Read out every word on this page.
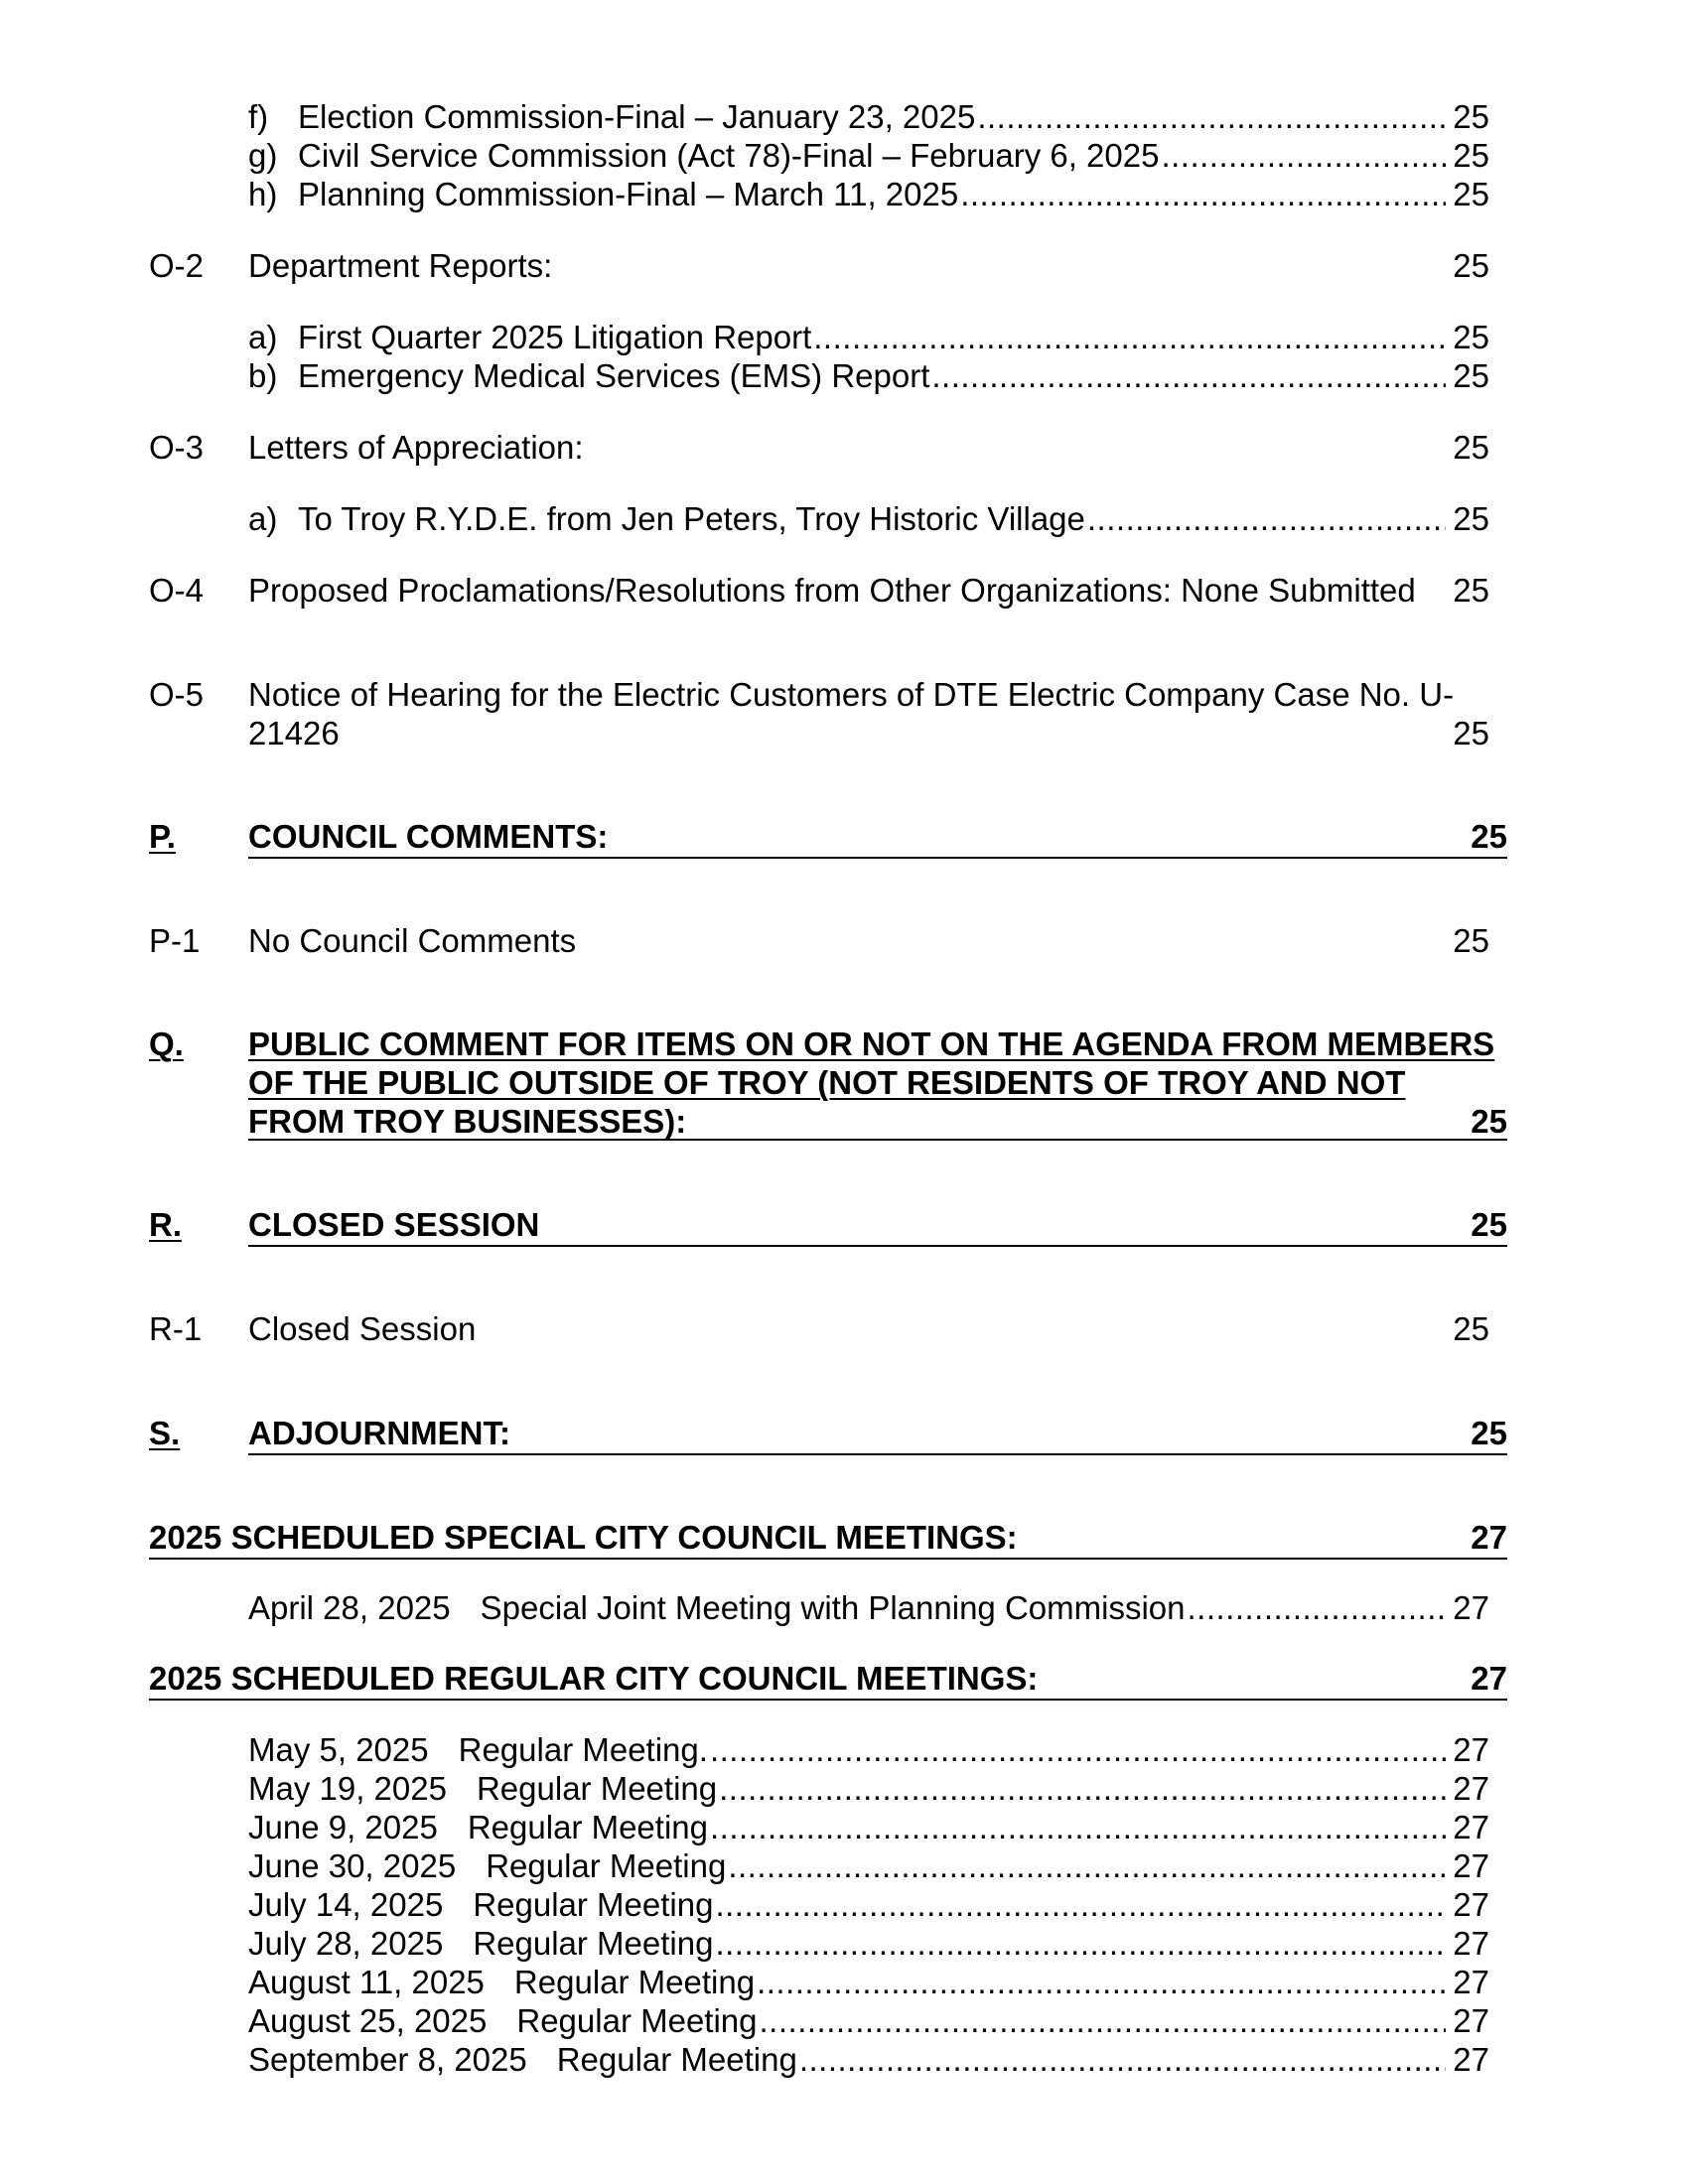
f) Election Commission-Final – January 23, 2025 .....	25
g) Civil Service Commission (Act 78)-Final – February 6, 2025 .....	25
h) Planning Commission-Final – March 11, 2025 .....	25
O-2 Department Reports:	25
a) First Quarter 2025 Litigation Report .....	25
b) Emergency Medical Services (EMS) Report .....	25
O-3 Letters of Appreciation:	25
a) To Troy R.Y.D.E. from Jen Peters, Troy Historic Village .....	25
O-4 Proposed Proclamations/Resolutions from Other Organizations: None Submitted 25
O-5 Notice of Hearing for the Electric Customers of DTE Electric Company Case No. U-
21426	25
P. COUNCIL COMMENTS:	25
P-1 No Council Comments	25
Q. PUBLIC COMMENT FOR ITEMS ON OR NOT ON THE AGENDA FROM MEMBERS
OF THE PUBLIC OUTSIDE OF TROY (NOT RESIDENTS OF TROY AND NOT
FROM TROY BUSINESSES):	25
R. CLOSED SESSION	25
R-1 Closed Session	25
S. ADJOURNMENT:	25
2025 SCHEDULED SPECIAL CITY COUNCIL MEETINGS:	27
April 28, 2025 Special Joint Meeting with Planning Commission .....	27
2025 SCHEDULED REGULAR CITY COUNCIL MEETINGS:	27
May 5, 2025 Regular Meeting. .....	27
May 19, 2025 Regular Meeting .....	27
June 9, 2025 Regular Meeting .....	27
June 30, 2025 Regular Meeting .....	27
July 14, 2025 Regular Meeting .....	27
July 28, 2025 Regular Meeting .....	27
August 11, 2025 Regular Meeting .....	27
August 25, 2025 Regular Meeting .....	27
September 8, 2025 Regular Meeting .....	27
